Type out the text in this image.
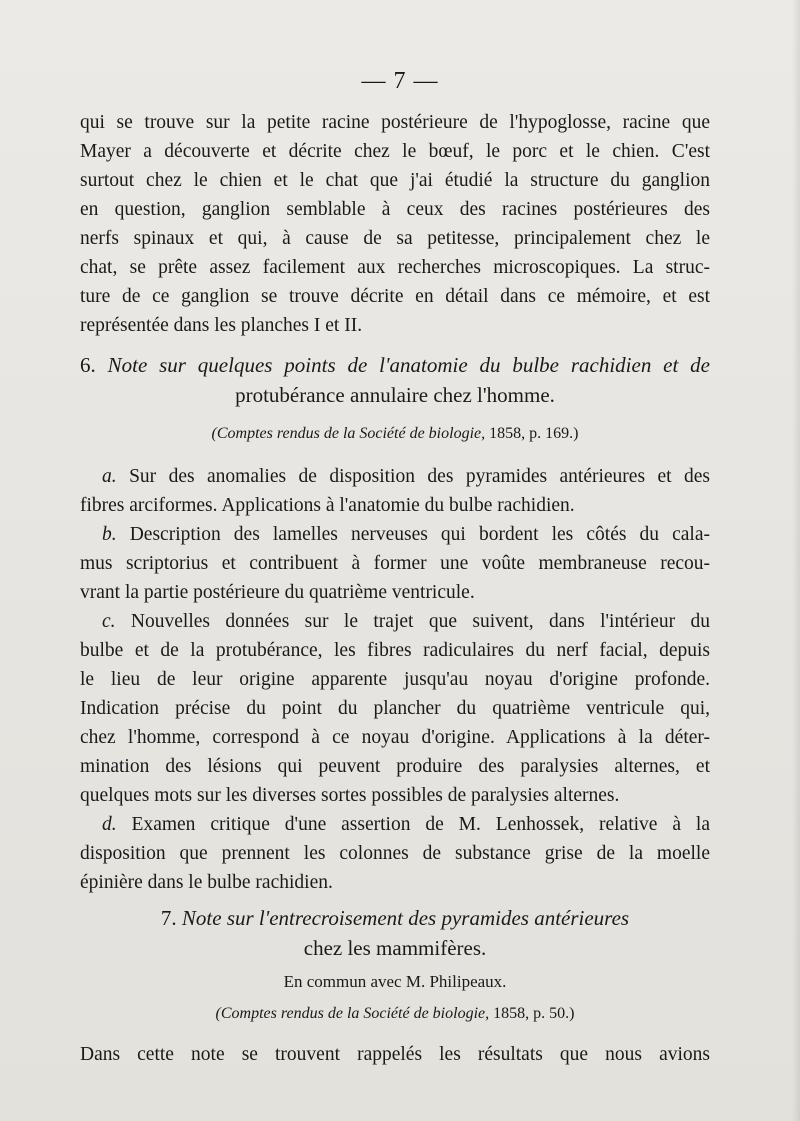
— 7 —
qui se trouve sur la petite racine postérieure de l'hypoglosse, racine que
Mayer a découverte et décrite chez le bœuf, le porc et le chien. C'est
surtout chez le chien et le chat que j'ai étudié la structure du ganglion
en question, ganglion semblable à ceux des racines postérieures des
nerfs spinaux et qui, à cause de sa petitesse, principalement chez le
chat, se prête assez facilement aux recherches microscopiques. La struc-
ture de ce ganglion se trouve décrite en détail dans ce mémoire, et est
représentée dans les planches I et II.
6. Note sur quelques points de l'anatomie du bulbe rachidien et de
protubérance annulaire chez l'homme.
(Comptes rendus de la Société de biologie, 1858, p. 169.)
a. Sur des anomalies de disposition des pyramides antérieures et des
fibres arciformes. Applications à l'anatomie du bulbe rachidien.
b. Description des lamelles nerveuses qui bordent les côtés du cala-
mus scriptorius et contribuent à former une voûte membraneuse recou-
vrant la partie postérieure du quatrième ventricule.
c. Nouvelles données sur le trajet que suivent, dans l'intérieur du
bulbe et de la protubérance, les fibres radiculaires du nerf facial, depuis
le lieu de leur origine apparente jusqu'au noyau d'origine profonde.
Indication précise du point du plancher du quatrième ventricule qui,
chez l'homme, correspond à ce noyau d'origine. Applications à la déter-
mination des lésions qui peuvent produire des paralysies alternes, et
quelques mots sur les diverses sortes possibles de paralysies alternes.
d. Examen critique d'une assertion de M. Lenhossek, relative à la
disposition que prennent les colonnes de substance grise de la moelle
épinière dans le bulbe rachidien.
7. Note sur l'entrecroisement des pyramides antérieures
chez les mammifères.
En commun avec M. Philipeaux.
(Comptes rendus de la Société de biologie, 1858, p. 50.)
Dans cette note se trouvent rappelés les résultats que nous avions
